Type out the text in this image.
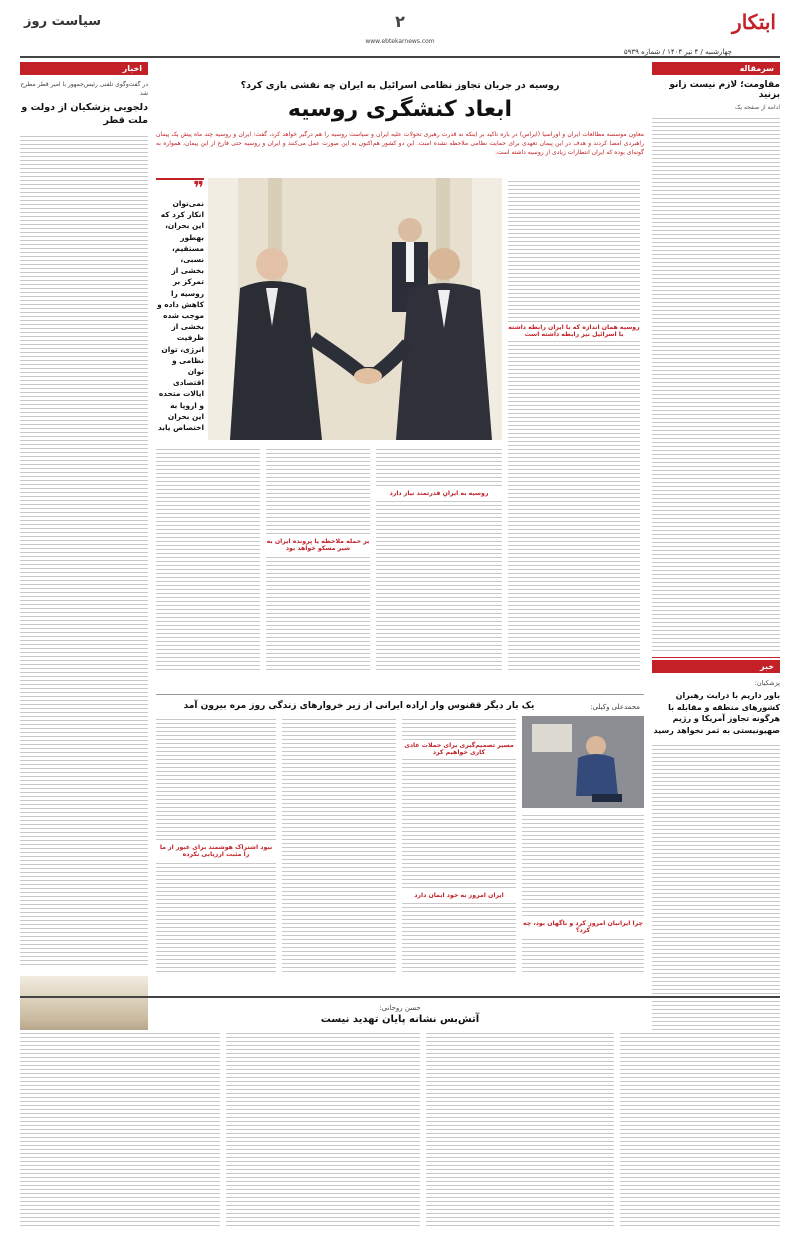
ابتکار
۲
www.ebtekarnews.com
سیاست روز
چهارشنبه / ۴ تیر ۱۴۰۴ / شماره ۵۹۳۹
سرمقاله
مقاومت؛ لازم نیست زانو بزنید
ادامه از صفحه یک
خبر
پزشکیان:
باور داریم با درایت رهبران کشورهای منطقه و مقابله با هرگونه تجاوز آمریکا و رژیم صهیونیستی به ثمر نخواهد رسید
اخبار
در گفت‌وگوی تلفنی رئیس‌جمهور با امیر قطر مطرح شد
دلجویی پزشکیان از دولت و ملت قطر
روسیه در جریان تجاوز نظامی اسرائیل به ایران چه نقشی بازی کرد؟
ابعاد کنشگری روسیه
معاون موسسه مطالعات ایران و اوراسیا (ایراس) در باره تاکید بر اینکه نه قدرت رهبری تحولات علیه ایران و سیاست روسیه را هم درگیر خواهد کرد، گفت: ایران و روسیه چند ماه پیش یک پیمان راهبردی امضا کردند و هدف در این پیمان تعهدی برای حمایت نظامی ملاحظه نشده است. این دو کشور هم‌اکنون به این صورت عمل می‌کنند و ایران و روسیه حتی فارغ از این پیمان، همواره به گونه‌ای بوده که ایران انتظارات زیادی از روسیه داشته است.
روسیه همان اندازه که با ایران رابطه داشته با اسرائیل نیز رابطه داشته است
❞
نمی‌توان انکار کرد که این بحران، بهطور مستقیم، نسبی، بخشی از تمرکز بر روسیه را کاهش داده و موجب شده بخشی از ظرفیت انرژی، توان نظامی و توان اقتصادی ایالات متحده و اروپا به این بحران اختصاص یابد
روسیه به ایرانِ قدرتمند نیاز دارد
بر حمله ملاحظه یا پرونده ایران به شیر مسکو خواهد بود
محمدعلی وکیلی:
یک بار دیگر ققنوس وار اراده ایرانی از زیر خروارهای زندگی روز مره بیرون آمد
مسیر تصمیم‌گیری برای حملات عادی کاری خواهیم کرد
ایران امروز به خود ایمان دارد
نبود اشتراک هوشمند برای عبور از ما را مثبت ارزیابی نکرده
چرا ایرانیان امروز کرد و ناگهان بود، چه کرد؟
حسن روحانی:
آتش‌بس نشانه پایان تهدید نیست
